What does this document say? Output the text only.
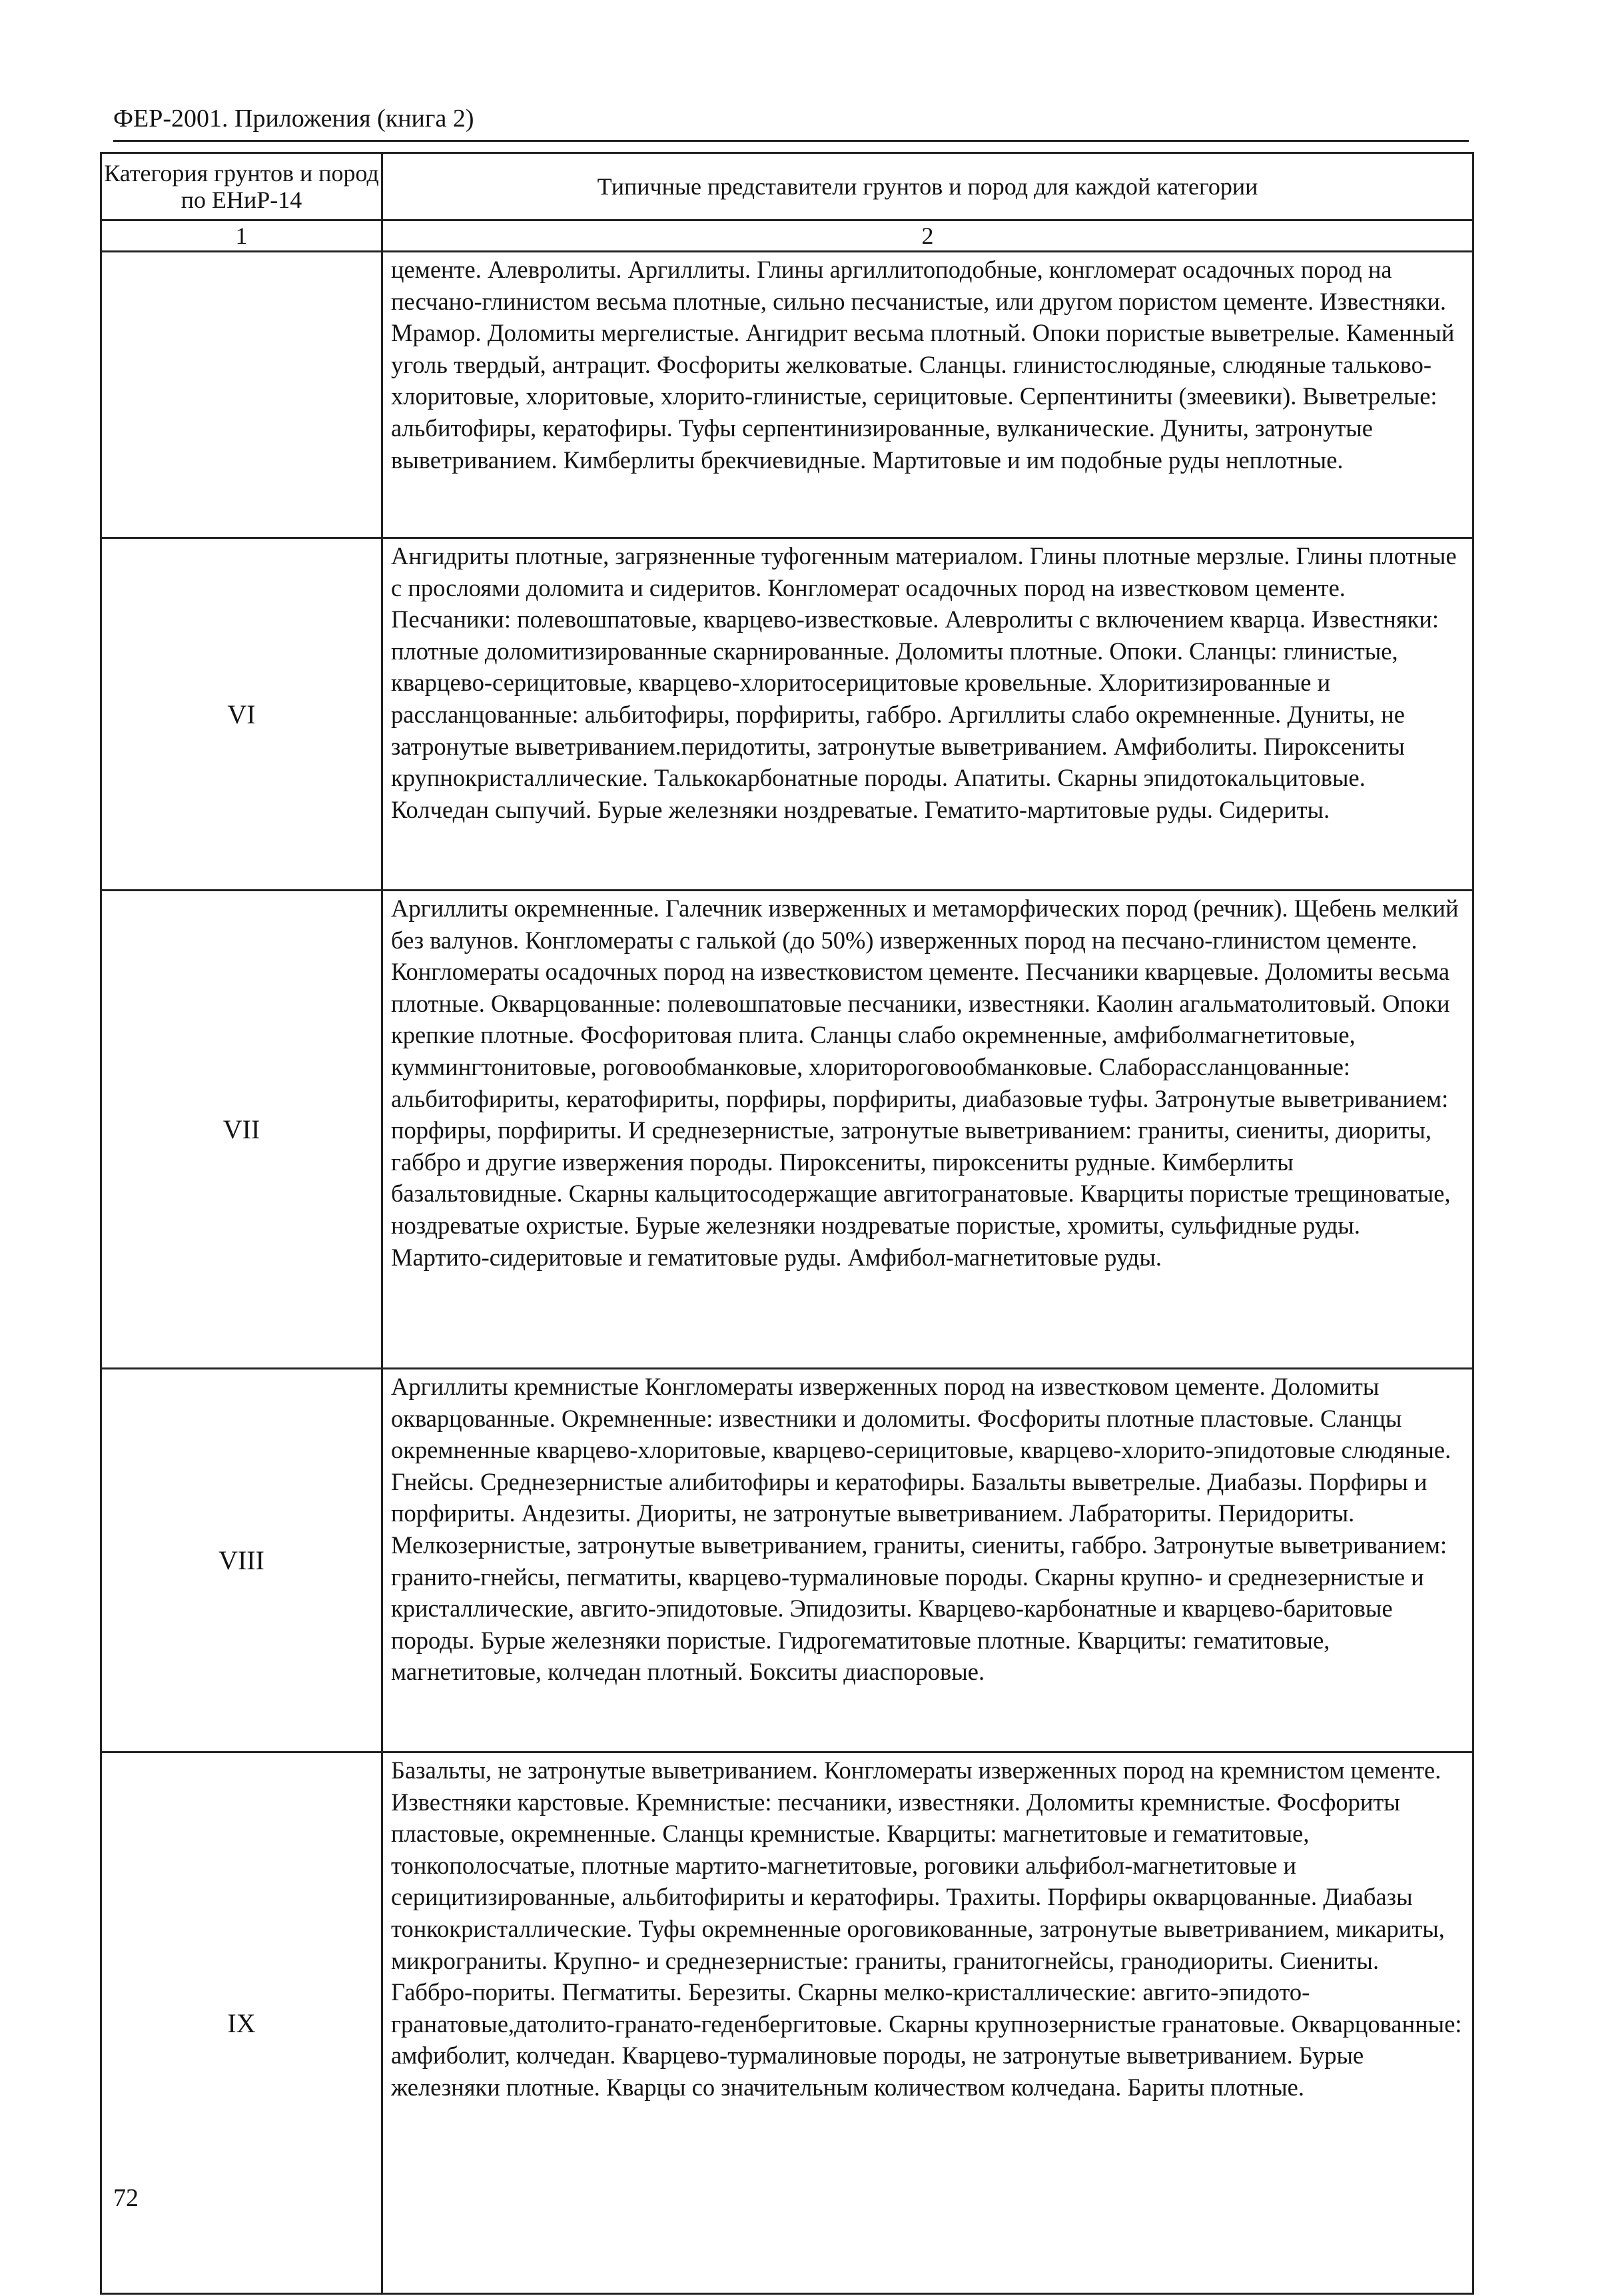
ФЕР-2001. Приложения (книга 2)
Категория грунтов и пород по ЕНиР-14	Типичные представители грунтов и пород для каждой категории
1	2
	цементе. Алевролиты. Аргиллиты. Глины аргиллитоподобные, конгломерат осадочных пород на песчано-глинистом весьма плотные, сильно песчанистые, или другом пористом цементе. Известняки. Мрамор. Доломиты мергелистые. Ангидрит весьма плотный. Опоки пористые выветрелые. Каменный уголь твердый, антрацит. Фосфориты желковатые. Сланцы. глинистослюдяные, слюдяные тальково-хлоритовые, хлоритовые, хлорито-глинистые, серицитовые. Серпентиниты (змеевики). Выветрелые: альбитофиры, кератофиры. Туфы серпентинизированные, вулканические. Дуниты, затронутые выветриванием. Кимберлиты брекчиевидные. Мартитовые и им подобные руды неплотные.
VI	Ангидриты плотные, загрязненные туфогенным материалом. Глины плотные мерзлые. Глины плотные с прослоями доломита и сидеритов. Конгломерат осадочных пород на известковом цементе. Песчаники: полевошпатовые, кварцево-известковые. Алевролиты с включением кварца. Известняки: плотные доломитизированные скарнированные. Доломиты плотные. Опоки. Сланцы: глинистые, кварцево-серицитовые, кварцево-хлоритосерицитовые кровельные. Хлоритизированные и рассланцованные: альбитофиры, порфириты, габбро. Аргиллиты слабо окремненные. Дуниты, не затронутые выветриванием.перидотиты, затронутые выветриванием. Амфиболиты. Пироксениты крупнокристаллические. Талькокарбонатные породы. Апатиты. Скарны эпидотокальцитовые. Колчедан сыпучий. Бурые железняки ноздреватые. Гематито-мартитовые руды. Сидериты.
VII	Аргиллиты окремненные. Галечник изверженных и метаморфических пород (речник). Щебень мелкий без валунов. Конгломераты с галькой (до 50%) изверженных пород на песчано-глинистом цементе. Конгломераты осадочных пород на известковистом цементе. Песчаники кварцевые. Доломиты весьма плотные. Окварцованные: полевошпатовые песчаники, известняки. Каолин агальматолитовый. Опоки крепкие плотные. Фосфоритовая плита. Сланцы слабо окремненные, амфиболмагнетитовые, куммингтонитовые, роговообманковые, хлоритороговообманковые. Слаборассланцованные: альбитофириты, кератофириты, порфиры, порфириты, диабазовые туфы. Затронутые выветриванием: порфиры, порфириты. И среднезернистые, затронутые выветриванием: граниты, сиениты, диориты, габбро и другие извержения породы. Пироксениты, пироксениты рудные. Кимберлиты базальтовидные. Скарны кальцитосодержащие авгитогранатовые. Кварциты пористые трещиноватые, ноздреватые охристые. Бурые железняки ноздреватые пористые, хромиты, сульфидные руды. Мартито-сидеритовые и гематитовые руды. Амфибол-магнетитовые руды.
VIII	Аргиллиты кремнистые Конгломераты изверженных пород на известковом цементе. Доломиты окварцованные. Окремненные: известники и доломиты. Фосфориты плотные пластовые. Сланцы окремненные кварцево-хлоритовые, кварцево-серицитовые, кварцево-хлорито-эпидотовые слюдяные. Гнейсы. Среднезернистые алибитофиры и кератофиры. Базальты выветрелые. Диабазы. Порфиры и порфириты. Андезиты. Диориты, не затронутые выветриванием. Лабраториты. Перидориты. Мелкозернистые, затронутые выветриванием, граниты, сиениты, габбро. Затронутые выветриванием: гранито-гнейсы, пегматиты, кварцево-турмалиновые породы. Скарны крупно- и среднезернистые и кристаллические, авгито-эпидотовые. Эпидозиты. Кварцево-карбонатные и кварцево-баритовые породы. Бурые железняки пористые. Гидрогематитовые плотные. Кварциты: гематитовые, магнетитовые, колчедан плотный. Бокситы диаспоровые.
IX	Базальты, не затронутые выветриванием. Конгломераты изверженных пород на кремнистом цементе. Известняки карстовые. Кремнистые: песчаники, известняки. Доломиты кремнистые. Фосфориты пластовые, окремненные. Сланцы кремнистые. Кварциты: магнетитовые и гематитовые, тонкополосчатые, плотные мартито-магнетитовые, роговики альфибол-магнетитовые и серицитизированные, альбитофириты и кератофиры. Трахиты. Порфиры окварцованные. Диабазы тонкокристаллические. Туфы окремненные ороговикованные, затронутые выветриванием, микариты, микрограниты. Крупно- и среднезернистые: граниты, гранитогнейсы, гранодиориты. Сиениты. Габбро-пориты. Пегматиты. Березиты. Скарны мелко-кристаллические: авгито-эпидото-гранатовые,датолито-гранато-геденбергитовые. Скарны крупнозернистые гранатовые. Окварцованные: амфиболит, колчедан. Кварцево-турмалиновые породы, не затронутые выветриванием. Бурые железняки плотные. Кварцы со значительным количеством колчедана. Бариты плотные.
72
